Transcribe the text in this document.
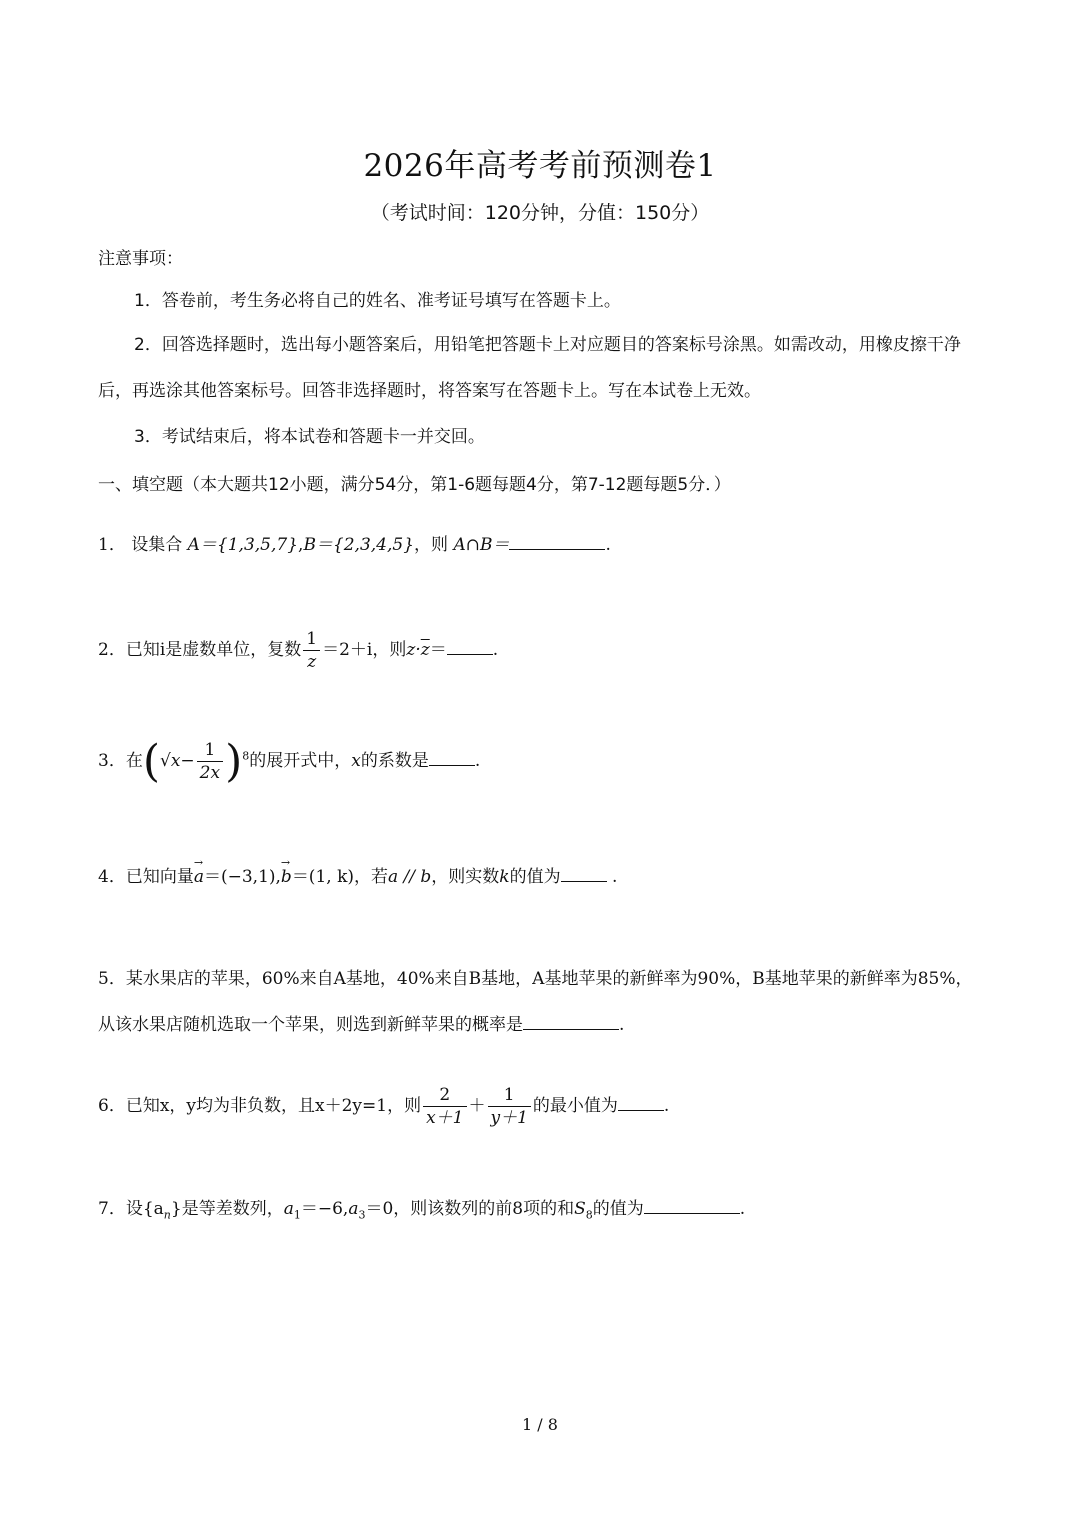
2026年高考考前预测卷1
（考试时间：120分钟，分值：150分）
注意事项：
1．答卷前，考生务必将自己的姓名、准考证号填写在答题卡上。
2．回答选择题时，选出每小题答案后，用铅笔把答题卡上对应题目的答案标号涂黑。如需改动，用橡皮擦干净后，再选涂其他答案标号。回答非选择题时，将答案写在答题卡上。写在本试卷上无效。
3．考试结束后，将本试卷和答题卡一并交回。
一、填空题（本大题共12小题，满分54分，第1-6题每题4分，第7-12题每题5分．）
1． 设集合 A＝{1,3,5,7},B＝{2,3,4,5}，则 A∩B＝	.
2．已知i是虚数单位，复数 $\frac{1}{z} =2+i$，则$z\cdot\overline{z}=$	.
3．在$(√x- \frac{1}{2x} )^8$的展开式中，x的系数是	.
4．已知向量→ a＝(−3,1),→ b＝(1, k)，若a // b，则实数k的值为	.
5．某水果店的苹果，60%来自A基地，40%来自B基地，A基地苹果的新鲜率为90%，B基地苹果的新鲜率为85%，从该水果店随机选取一个苹果，则选到新鲜苹果的概率是	.
6．已知x，y均为非负数，且x＋2y=1，则 $\frac{2}{x+1} + \frac{1}{y+1}$ 的最小值为	.
7．设$\{a_n\}$是等差数列，$a_1=-6,a_3=0$，则该数列的前8项的和$S_8$的值为	.
1 / 8
